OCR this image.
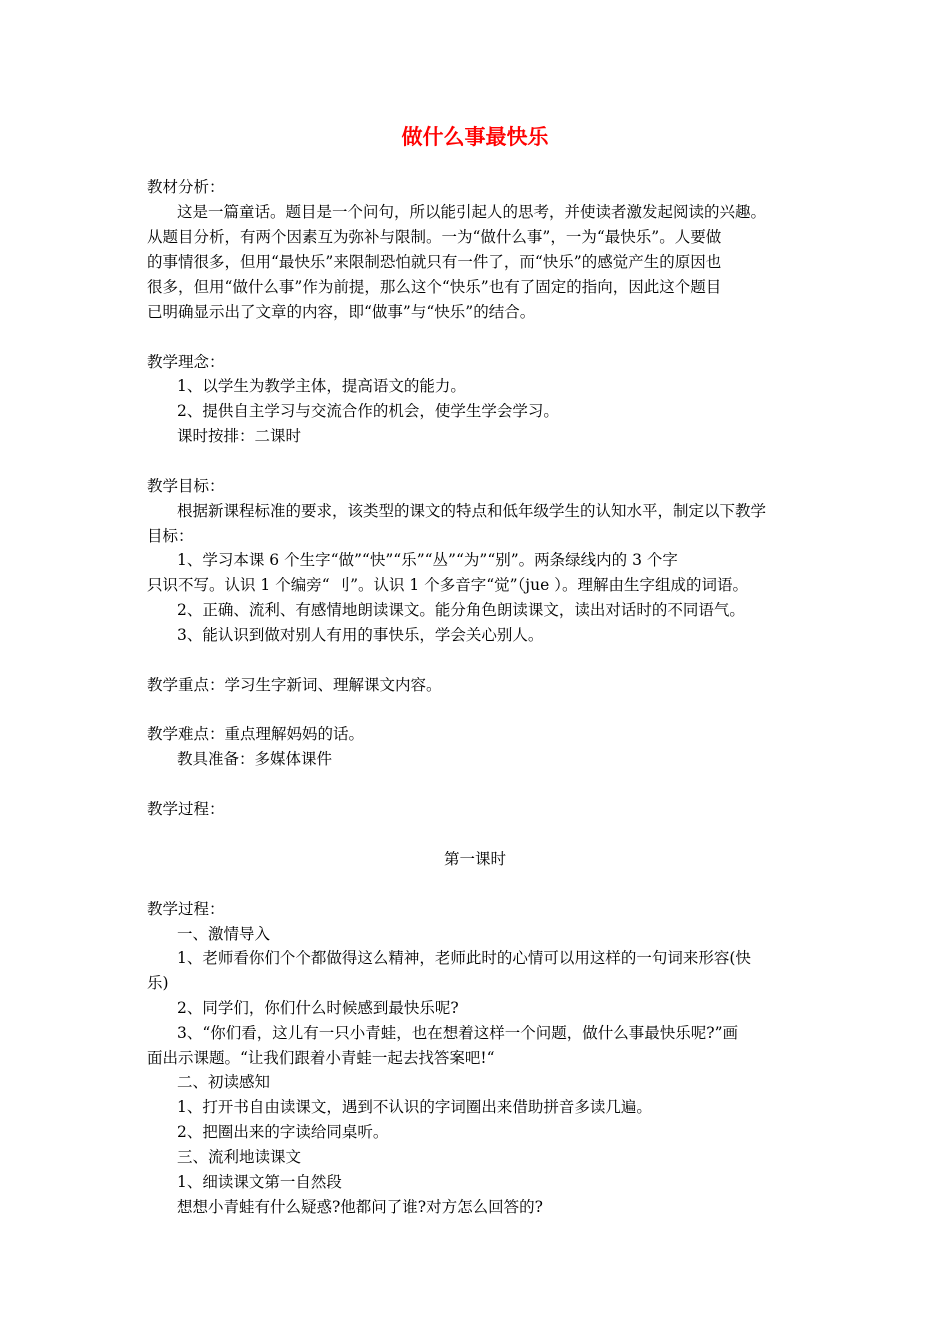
做什么事最快乐
教材分析：
这是一篇童话。题目是一个问句，所以能引起人的思考，并使读者激发起阅读的兴趣。
从题目分析，有两个因素互为弥补与限制。一为“做什么事”，一为“最快乐”。人要做
的事情很多，但用“最快乐”来限制恐怕就只有一件了，而“快乐”的感觉产生的原因也
很多，但用“做什么事”作为前提，那么这个“快乐”也有了固定的指向，因此这个题目
已明确显示出了文章的内容，即“做事”与“快乐”的结合。
教学理念：
1、以学生为教学主体，提高语文的能力。
2、提供自主学习与交流合作的机会，使学生学会学习。
课时按排：二课时
教学目标：
根据新课程标准的要求，该类型的课文的特点和低年级学生的认知水平，制定以下教学
目标：
1、学习本课 6 个生字“做”“快”“乐”“丛”“为”“别”。两条绿线内的 3 个字
只识不写。认识 1 个编旁“ 刂”。认识 1 个多音字“觉”（jue ）。理解由生字组成的词语。
2、正确、流利、有感情地朗读课文。能分角色朗读课文，读出对话时的不同语气。
3、能认识到做对别人有用的事快乐，学会关心别人。
教学重点：学习生字新词、理解课文内容。
教学难点：重点理解妈妈的话。
教具准备：多媒体课件
教学过程：
第一课时
教学过程：
一、激情导入
1、老师看你们个个都做得这么精神，老师此时的心情可以用这样的一句词来形容(快
乐)
2、同学们，你们什么时候感到最快乐呢?
3、“你们看，这儿有一只小青蛙，也在想着这样一个问题，做什么事最快乐呢?”画
面出示课题。“让我们跟着小青蛙一起去找答案吧!“
二、初读感知
1、打开书自由读课文，遇到不认识的字词圈出来借助拼音多读几遍。
2、把圈出来的字读给同桌听。
三、流利地读课文
1、细读课文第一自然段
想想小青蛙有什么疑惑?他都问了谁?对方怎么回答的?
